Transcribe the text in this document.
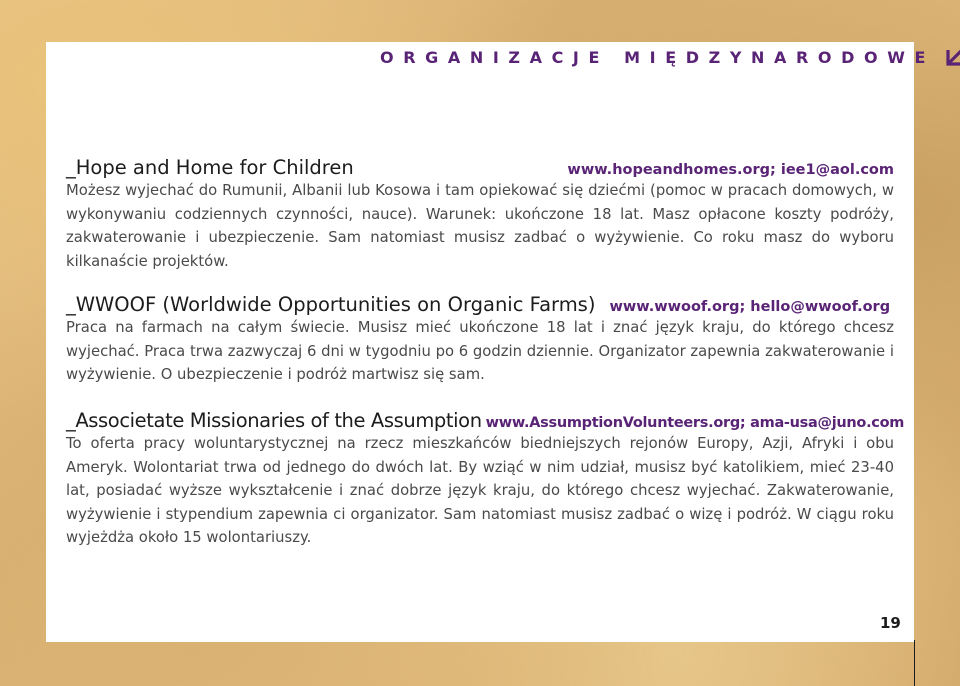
ORGANIZACJE MIĘDZYNARODOWE
_Hope and Home for Children	www.hopeandhomes.org; iee1@aol.com

Możesz wyjechać do Rumunii, Albanii lub Kosowa i tam opiekować się dziećmi (pomoc w pracach domowych, w wykonywaniu codziennych czynności, nauce). Warunek: ukończone 18 lat. Masz opłacone koszty podróży, zakwaterowanie i ubezpieczenie. Sam natomiast musisz zadbać o wyżywienie. Co roku masz do wyboru kilkanaście projektów.

_WWOOF (Worldwide Opportunities on Organic Farms) www.wwoof.org; hello@wwoof.org

Praca na farmach na całym świecie. Musisz mieć ukończone 18 lat i znać język kraju, do którego chcesz wyjechać. Praca trwa zazwyczaj 6 dni w tygodniu po 6 godzin dziennie. Organizator zapewnia zakwaterowanie i wyżywienie. O ubezpieczenie i podróż martwisz się sam.

_Associetate Missionaries of the Assumption www.AssumptionVolunteers.org; ama-usa@juno.com

To oferta pracy woluntarystycznej na rzecz mieszkańców biedniejszych rejonów Europy, Azji, Afryki i obu Ameryk. Wolontariat trwa od jednego do dwóch lat. By wziąć w nim udział, musisz być katolikiem, mieć 23-40 lat, posiadać wyższe wykształcenie i znać dobrze język kraju, do którego chcesz wyjechać. Zakwaterowanie, wyżywienie i stypendium zapewnia ci organizator. Sam natomiast musisz zadbać o wizę i podróż. W ciągu roku wyjeżdża około 15 wolontariuszy.

19
